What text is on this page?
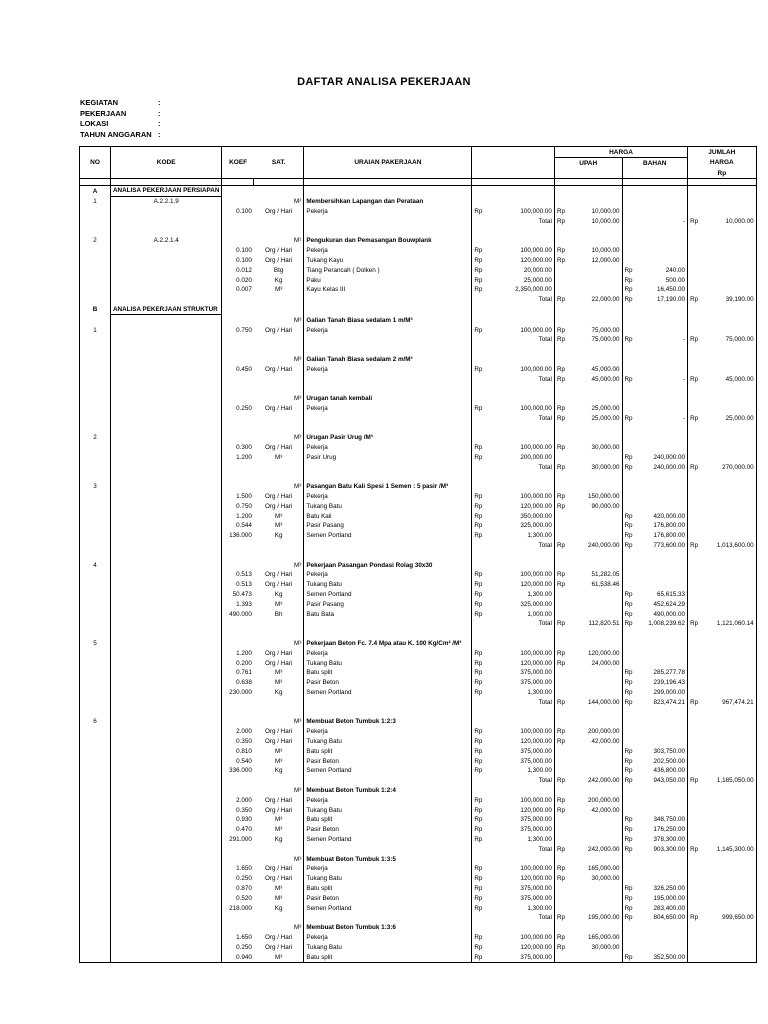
DAFTAR ANALISA PEKERJAAN
KEGIATAN	:
PEKERJAAN	:
LOKASI	:
TAHUN ANGGARAN :
NO	KODE	KOEF	SAT.	URAIAN PAKERJAAN			HARGA				JUMLAH	
							UPAH		BAHAN		HARGA	
											Rp	

A	ANALISA PEKERJAAN PERSIAPAN											
1	A.2.2.1.9		M²	Membersihkan Lapangan dan Perataan								
		0.100	Org / Hari	Pekerja	Rp	100,000.00	Rp	10,000.00				
						Total	Rp	10,000.00		-	Rp	10,000.00

2	A.2.2.1.4		M¹	Pengukuran dan Pemasangan Bouwplank								
		0.100	Org / Hari	Pekerja	Rp	100,000.00	Rp	10,000.00				
		0.100	Org / Hari	Tukang Kayu	Rp	120,000.00	Rp	12,000.00				
		0.012	Btg	Tiang Perancah ( Dolken )	Rp	20,000.00			Rp	240.00		
		0.020	Kg	Paku	Rp	25,000.00			Rp	500.00		
		0.007	M³	Kayu Kelas III	Rp	2,350,000.00			Rp	16,450.00		
						Total	Rp	22,000.00	Rp	17,190.00	Rp	39,190.00
B	ANALISA PEKERJAAN STRUKTUR											
			M³	Galian Tanah Biasa sedalam 1 m/M³								
1		0.750	Org / Hari	Pekerja	Rp	100,000.00	Rp	75,000.00				
						Total	Rp	75,000.00	Rp	-	Rp	75,000.00

			M³	Galian Tanah Biasa sedalam 2 m/M³								
		0.450	Org / Hari	Pekerja	Rp	100,000.00	Rp	45,000.00				
						Total	Rp	45,000.00	Rp	-	Rp	45,000.00

			M³	Urugan tanah kembali								
		0.250	Org / Hari	Pekerja	Rp	100,000.00	Rp	25,000.00				
						Total	Rp	25,000.00	Rp	-	Rp	25,000.00

2			M³	Urugan Pasir Urug /M³								
		0.300	Org / Hari	Pekerja	Rp	100,000.00	Rp	30,000.00				
		1.200	M³	Pasir Urug	Rp	200,000.00			Rp	240,000.00		
						Total	Rp	30,000.00	Rp	240,000.00	Rp	270,000.00

3			M³	Pasangan Batu Kali Spesi 1 Semen : 5 pasir /M³								
		1.500	Org / Hari	Pekerja	Rp	100,000.00	Rp	150,000.00				
		0.750	Org / Hari	Tukang Batu	Rp	120,000.00	Rp	90,000.00				
		1.200	M³	Batu Kali	Rp	350,000.00			Rp	420,000.00		
		0.544	M³	Pasir Pasang	Rp	325,000.00			Rp	176,800.00		
		136.000	Kg	Semen Portland	Rp	1,300.00			Rp	176,800.00		
						Total	Rp	240,000.00	Rp	773,600.00	Rp	1,013,600.00

4			M³	Pekerjaan Pasangan Pondasi Rolag 30x30								
		0.513	Org / Hari	Pekerja	Rp	100,000.00	Rp	51,282.05				
		0.513	Org / Hari	Tukang Batu	Rp	120,000.00	Rp	61,538.46				
		50.473	Kg	Semen Portland	Rp	1,300.00			Rp	65,615.33		
		1.393	M³	Pasir Pasang	Rp	325,000.00			Rp	452,624.29		
		490.000	Bh	Batu Bata	Rp	1,000.00			Rp	490,000.00		
						Total	Rp	112,820.51	Rp	1,008,239.62	Rp	1,121,060.14

5			M³	Pekerjaan Beton Fc. 7.4 Mpa atau K. 100 Kg/Cm² /M³								
		1.200	Org / Hari	Pekerja	Rp	100,000.00	Rp	120,000.00				
		0.200	Org / Hari	Tukang Batu	Rp	120,000.00	Rp	24,000.00				
		0.761	M³	Batu split	Rp	375,000.00			Rp	285,277.78		
		0.638	M³	Pasir Beton	Rp	375,000.00			Rp	239,196.43		
		230.000	Kg	Semen Portland	Rp	1,300.00			Rp	299,000.00		
						Total	Rp	144,000.00	Rp	823,474.21	Rp	967,474.21

6			M³	Membuat Beton Tumbuk 1:2:3								
		2.000	Org / Hari	Pekerja	Rp	100,000.00	Rp	200,000.00				
		0.350	Org / Hari	Tukang Batu	Rp	120,000.00	Rp	42,000.00				
		0.810	M³	Batu split	Rp	375,000.00			Rp	303,750.00		
		0.540	M³	Pasir Beton	Rp	375,000.00			Rp	202,500.00		
		336.000	Kg	Semen Portland	Rp	1,300.00			Rp	436,800.00		
						Total	Rp	242,000.00	Rp	943,050.00	Rp	1,185,050.00
			M³	Membuat Beton Tumbuk 1:2:4								
		2.000	Org / Hari	Pekerja	Rp	100,000.00	Rp	200,000.00				
		0.350	Org / Hari	Tukang Batu	Rp	120,000.00	Rp	42,000.00				
		0.930	M³	Batu split	Rp	375,000.00			Rp	348,750.00		
		0.470	M³	Pasir Beton	Rp	375,000.00			Rp	176,250.00		
		291.000	Kg	Semen Portland	Rp	1,300.00			Rp	378,300.00		
						Total	Rp	242,000.00	Rp	903,300.00	Rp	1,145,300.00
			M³	Membuat Beton Tumbuk 1:3:5								
		1.650	Org / Hari	Pekerja	Rp	100,000.00	Rp	165,000.00				
		0.250	Org / Hari	Tukang Batu	Rp	120,000.00	Rp	30,000.00				
		0.870	M³	Batu split	Rp	375,000.00			Rp	326,250.00		
		0.520	M³	Pasir Beton	Rp	375,000.00			Rp	195,000.00		
		218.000	Kg	Semen Portland	Rp	1,300.00			Rp	283,400.00		
						Total	Rp	195,000.00	Rp	804,650.00	Rp	999,650.00
			M³	Membuat Beton Tumbuk 1:3:6								
		1.650	Org / Hari	Pekerja	Rp	100,000.00	Rp	165,000.00				
		0.250	Org / Hari	Tukang Batu	Rp	120,000.00	Rp	30,000.00				
		0.940	M³	Batu split	Rp	375,000.00			Rp	352,500.00		
